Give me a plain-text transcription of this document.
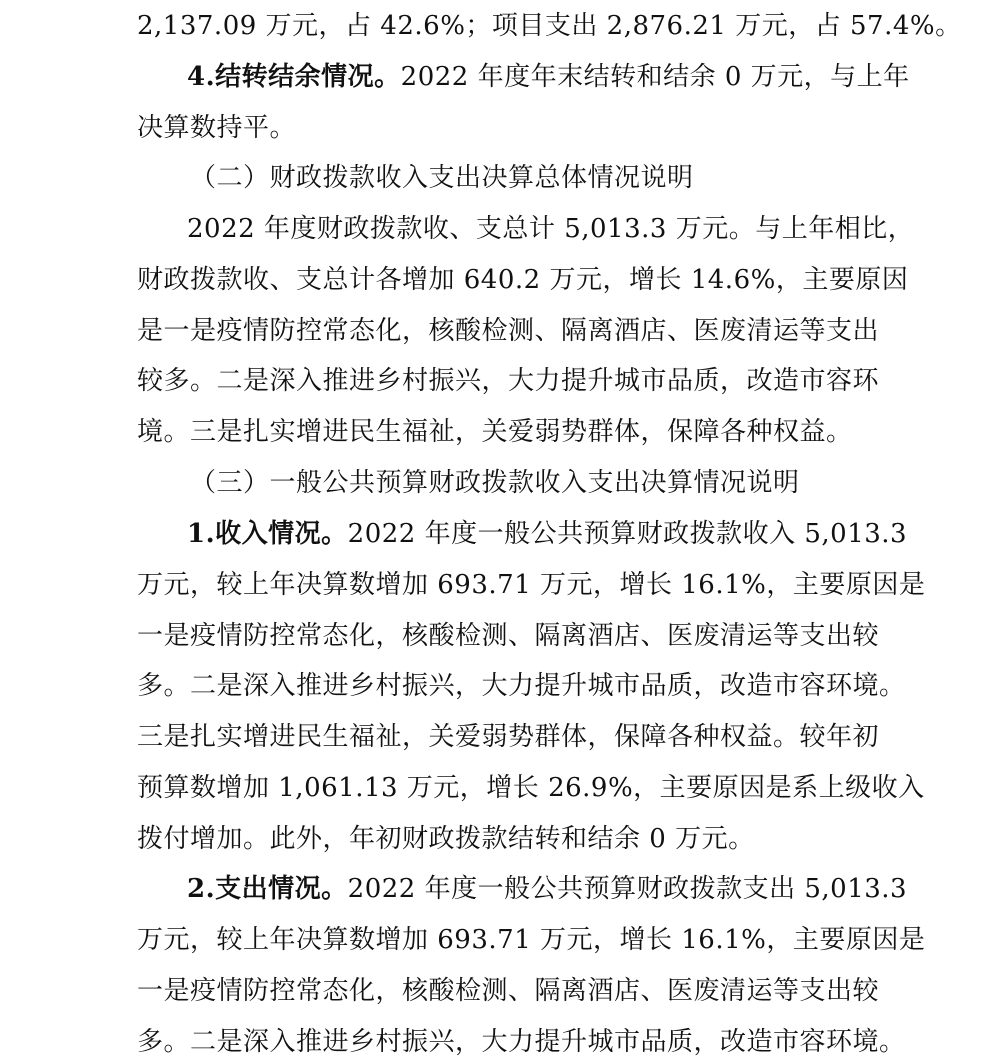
2,137.09 万元，占 42.6%；项目支出 2,876.21 万元，占 57.4%。
4.结转结余情况。2022 年度年末结转和结余 0 万元，与上年
决算数持平。
（二）财政拨款收入支出决算总体情况说明
2022 年度财政拨款收、支总计 5,013.3 万元。与上年相比，
财政拨款收、支总计各增加 640.2 万元，增长 14.6%，主要原因
是一是疫情防控常态化，核酸检测、隔离酒店、医废清运等支出
较多。二是深入推进乡村振兴，大力提升城市品质，改造市容环
境。三是扎实增进民生福祉，关爱弱势群体，保障各种权益。
（三）一般公共预算财政拨款收入支出决算情况说明
1.收入情况。2022 年度一般公共预算财政拨款收入 5,013.3
万元，较上年决算数增加 693.71 万元，增长 16.1%，主要原因是
一是疫情防控常态化，核酸检测、隔离酒店、医废清运等支出较
多。二是深入推进乡村振兴，大力提升城市品质，改造市容环境。
三是扎实增进民生福祉，关爱弱势群体，保障各种权益。较年初
预算数增加 1,061.13 万元，增长 26.9%，主要原因是系上级收入
拨付增加。此外，年初财政拨款结转和结余 0 万元。
2.支出情况。2022 年度一般公共预算财政拨款支出 5,013.3
万元，较上年决算数增加 693.71 万元，增长 16.1%，主要原因是
一是疫情防控常态化，核酸检测、隔离酒店、医废清运等支出较
多。二是深入推进乡村振兴，大力提升城市品质，改造市容环境。
